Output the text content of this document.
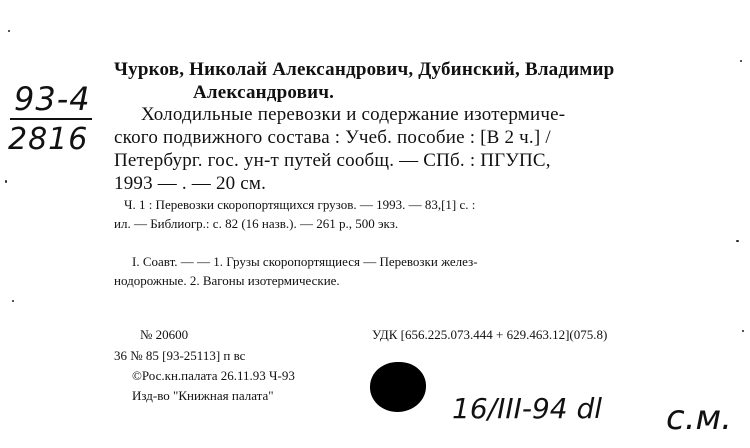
93-4
2816
Чурков, Николай Александрович, Дубинский, Владимир
Александрович.
Холодильные перевозки и содержание изотермиче-
ского подвижного состава : Учеб. пособие : [В 2 ч.] /
Петербург. гос. ун-т путей сообщ. — СПб. : ПГУПС,
1993 — . — 20 см.
Ч. 1 : Перевозки скоропортящихся грузов. — 1993. — 83,[1] с. :
ил. — Библиогр.: с. 82 (16 назв.). — 261 р., 500 экз.
I. Соавт. — — 1. Грузы скоропортящиеся — Перевозки желез-
нодорожные. 2. Вагоны изотермические.
№ 20600	УДК [656.225.073.444 + 629.463.12](075.8)
36 № 85 [93-25113] п вс
©Рос.кн.палата 26.11.93 Ч-93
Изд-во "Книжная палата"	16/III-94 dl с.м.
